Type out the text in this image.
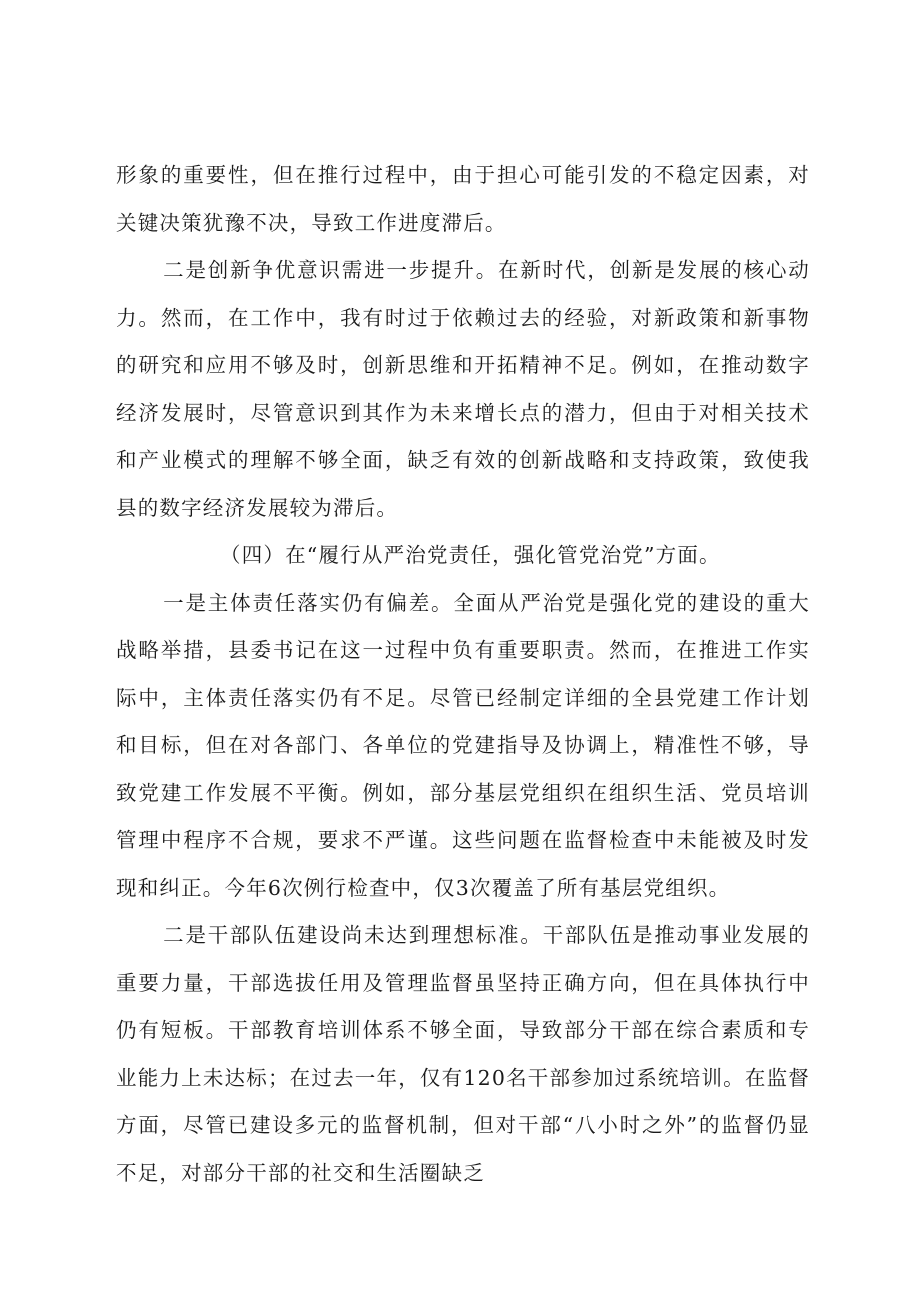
形象的重要性，但在推行过程中，由于担心可能引发的不稳定因素，对关键决策犹豫不决，导致工作进度滞后。

二是创新争优意识需进一步提升。在新时代，创新是发展的核心动力。然而，在工作中，我有时过于依赖过去的经验，对新政策和新事物的研究和应用不够及时，创新思维和开拓精神不足。例如，在推动数字经济发展时，尽管意识到其作为未来增长点的潜力，但由于对相关技术和产业模式的理解不够全面，缺乏有效的创新战略和支持政策，致使我县的数字经济发展较为滞后。

（四）在“履行从严治党责任，强化管党治党”方面。

一是主体责任落实仍有偏差。全面从严治党是强化党的建设的重大战略举措，县委书记在这一过程中负有重要职责。然而，在推进工作实际中，主体责任落实仍有不足。尽管已经制定详细的全县党建工作计划和目标，但在对各部门、各单位的党建指导及协调上，精准性不够，导致党建工作发展不平衡。例如，部分基层党组织在组织生活、党员培训管理中程序不合规，要求不严谨。这些问题在监督检查中未能被及时发现和纠正。今年6次例行检查中，仅3次覆盖了所有基层党组织。

二是干部队伍建设尚未达到理想标准。干部队伍是推动事业发展的重要力量，干部选拔任用及管理监督虽坚持正确方向，但在具体执行中仍有短板。干部教育培训体系不够全面，导致部分干部在综合素质和专业能力上未达标；在过去一年，仅有120名干部参加过系统培训。在监督方面，尽管已建设多元的监督机制，但对干部“八小时之外”的监督仍显不足，对部分干部的社交和生活圈缺乏
